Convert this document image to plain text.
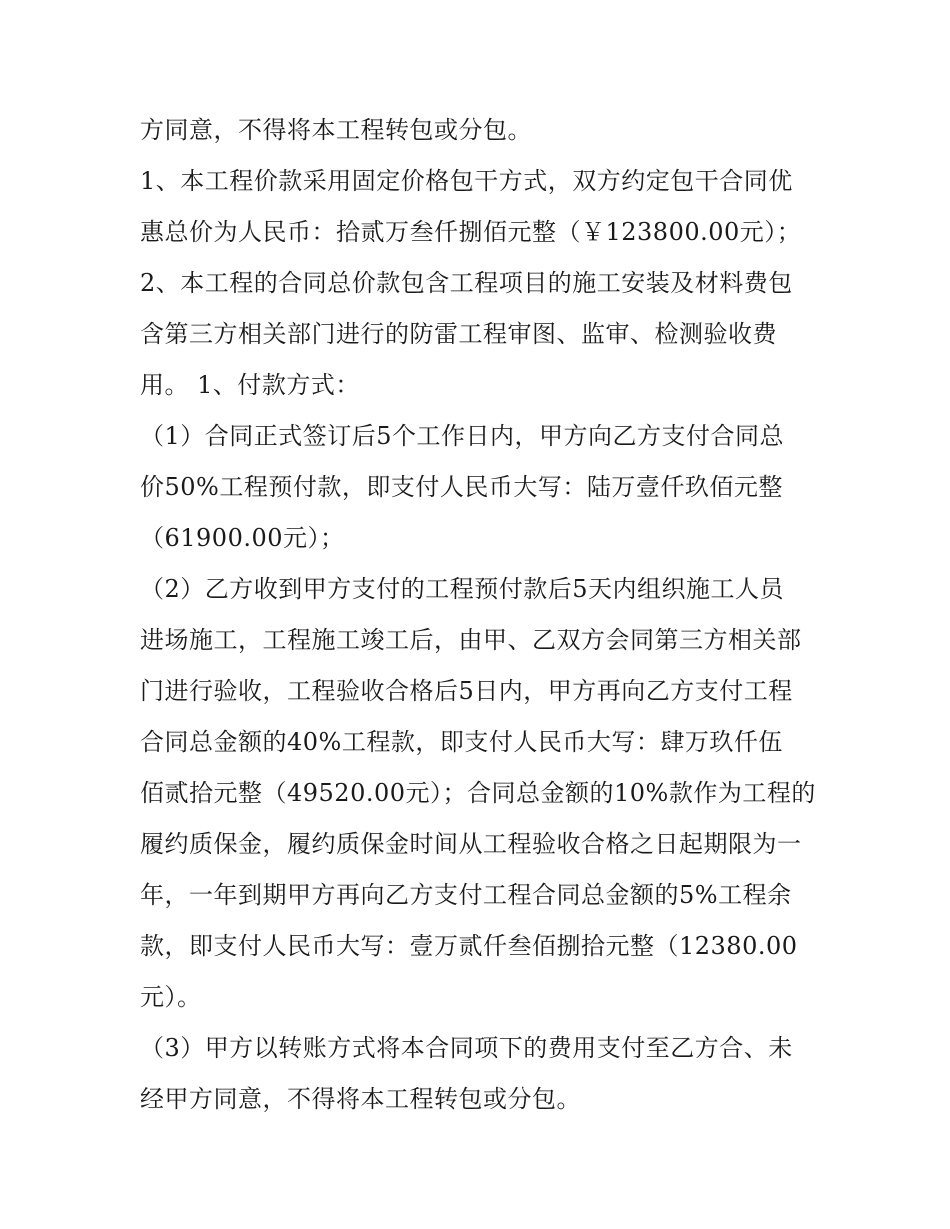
方同意，不得将本工程转包或分包。
1、本工程价款采用固定价格包干方式，双方约定包干合同优
惠总价为人民币：拾贰万叁仟捌佰元整（￥123800.00元）；
2、本工程的合同总价款包含工程项目的施工安装及材料费包
含第三方相关部门进行的防雷工程审图、监审、检测验收费
用。 1、付款方式：
（1）合同正式签订后5个工作日内，甲方向乙方支付合同总
价50%工程预付款，即支付人民币大写：陆万壹仟玖佰元整
（61900.00元）；
（2）乙方收到甲方支付的工程预付款后5天内组织施工人员
进场施工，工程施工竣工后，由甲、乙双方会同第三方相关部
门进行验收，工程验收合格后5日内，甲方再向乙方支付工程
合同总金额的40%工程款，即支付人民币大写：肆万玖仟伍
佰贰拾元整（49520.00元）；合同总金额的10%款作为工程的
履约质保金，履约质保金时间从工程验收合格之日起期限为一
年，一年到期甲方再向乙方支付工程合同总金额的5%工程余
款，即支付人民币大写：壹万贰仟叁佰捌拾元整（12380.00
元）。
（3）甲方以转账方式将本合同项下的费用支付至乙方合、未
经甲方同意，不得将本工程转包或分包。
